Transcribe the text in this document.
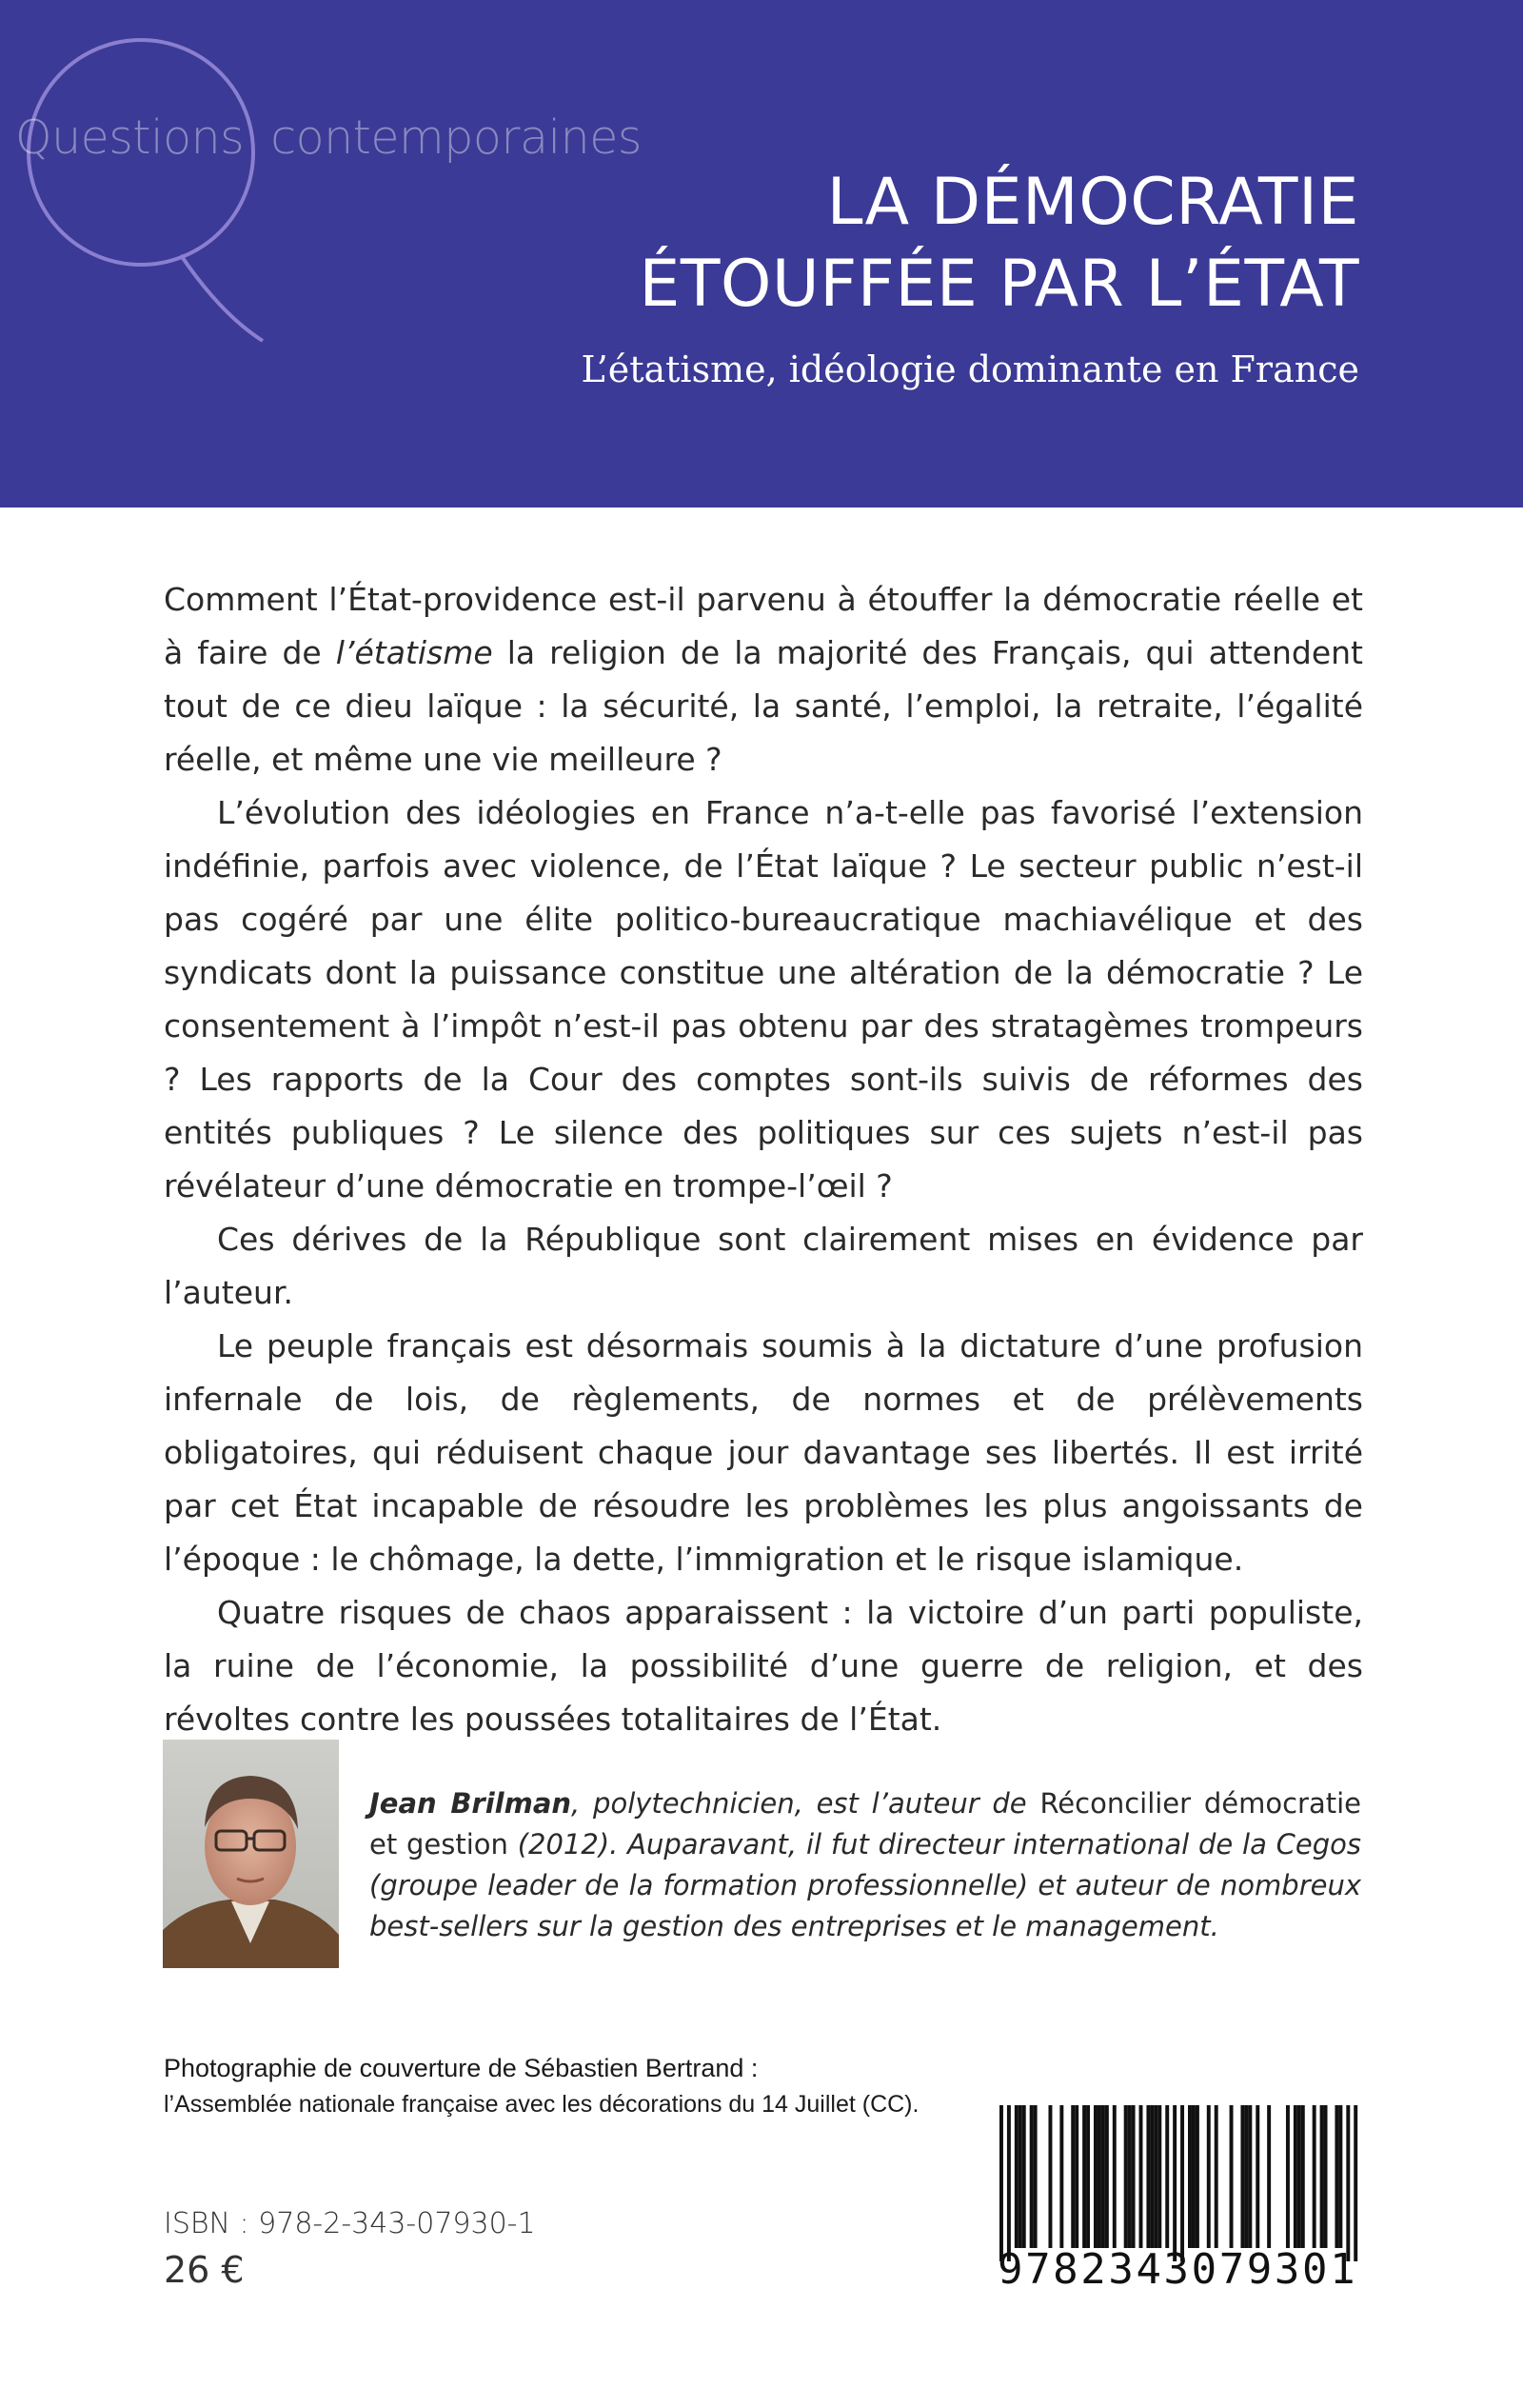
Questions contemporaines
LA DÉMOCRATIE
ÉTOUFFÉE PAR L’ÉTAT
L’étatisme, idéologie dominante en France

Comment l’État-providence est-il parvenu à étouffer la démocratie réelle et à faire de l’étatisme la religion de la majorité des Français, qui attendent tout de ce dieu laïque : la sécurité, la santé, l’emploi, la retraite, l’égalité réelle, et même une vie meilleure ?

L’évolution des idéologies en France n’a-t-elle pas favorisé l’extension indéfinie, parfois avec violence, de l’État laïque ? Le secteur public n’est-il pas cogéré par une élite politico-bureaucratique machiavélique et des syndicats dont la puissance constitue une altération de la démocratie ? Le consentement à l’impôt n’est-il pas obtenu par des stratagèmes trompeurs ? Les rapports de la Cour des comptes sont-ils suivis de réformes des entités publiques ? Le silence des politiques sur ces sujets n’est-il pas révélateur d’une démocratie en trompe-l’œil ?

Ces dérives de la République sont clairement mises en évidence par l’auteur.

Le peuple français est désormais soumis à la dictature d’une profusion infernale de lois, de règlements, de normes et de prélèvements obligatoires, qui réduisent chaque jour davantage ses libertés. Il est irrité par cet État incapable de résoudre les problèmes les plus angoissants de l’époque : le chômage, la dette, l’immigration et le risque islamique.

Quatre risques de chaos apparaissent : la victoire d’un parti populiste, la ruine de l’économie, la possibilité d’une guerre de religion, et des révoltes contre les poussées totalitaires de l’État.

Jean Brilman, polytechnicien, est l’auteur de Réconcilier démocratie et gestion (2012). Auparavant, il fut directeur international de la Cegos (groupe leader de la formation professionnelle) et auteur de nombreux best-sellers sur la gestion des entreprises et le management.
Photographie de couverture de Sébastien Bertrand :
l’Assemblée nationale française avec les décorations du 14 Juillet (CC).
ISBN : 978-2-343-07930-1
26 €	9782343079301
